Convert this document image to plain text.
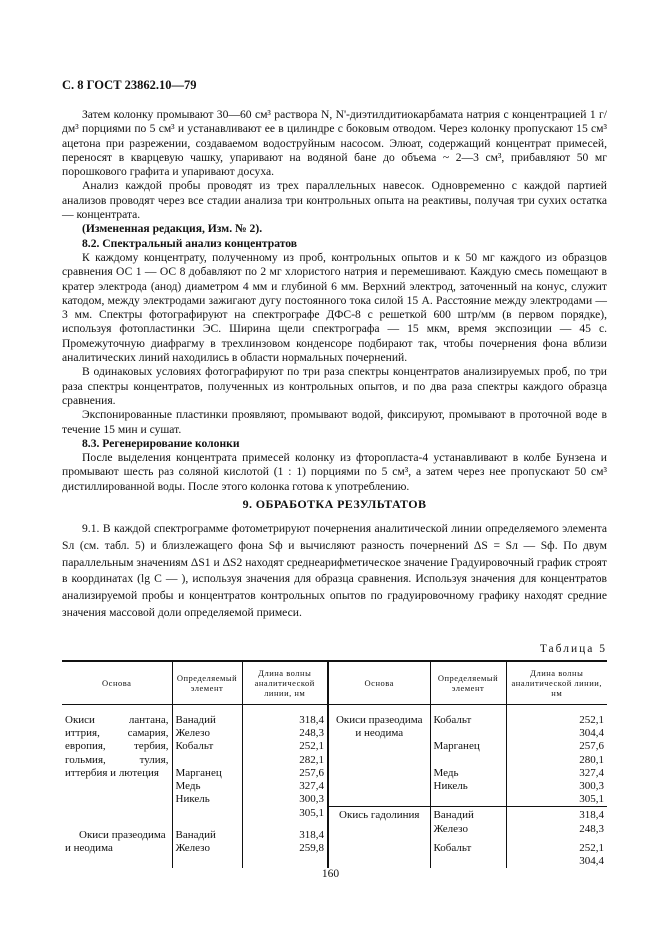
С. 8 ГОСТ 23862.10—79

Затем колонку промывают 30—60 см³ раствора N, N'-диэтилдитиокарбамата натрия с концентрацией 1 г/дм³ порциями по 5 см³ и устанавливают ее в цилиндре с боковым отводом. Через колонку пропускают 15 см³ ацетона при разрежении, создаваемом водоструйным насосом. Элюат, содержащий концентрат примесей, переносят в кварцевую чашку, упаривают на водяной бане до объема ~ 2—3 см³, прибавляют 50 мг порошкового графита и упаривают досуха.

Анализ каждой пробы проводят из трех параллельных навесок. Одновременно с каждой партией анализов проводят через все стадии анализа три контрольных опыта на реактивы, получая три сухих остатка — концентрата.

(Измененная редакция, Изм. № 2).

8.2. Спектральный анализ концентратов

К каждому концентрату, полученному из проб, контрольных опытов и к 50 мг каждого из образцов сравнения ОС 1 — ОС 8 добавляют по 2 мг хлористого натрия и перемешивают. Каждую смесь помещают в кратер электрода (анод) диаметром 4 мм и глубиной 6 мм. Верхний электрод, заточенный на конус, служит катодом, между электродами зажигают дугу постоянного тока силой 15 А. Расстояние между электродами — 3 мм. Спектры фотографируют на спектрографе ДФС-8 с решеткой 600 штр/мм (в первом порядке), используя фотопластинки ЭС. Ширина щели спектрографа — 15 мкм, время экспозиции — 45 с. Промежуточную диафрагму в трехлинзовом конденсоре подбирают так, чтобы почернения фона вблизи аналитических линий находились в области нормальных почернений.

В одинаковых условиях фотографируют по три раза спектры концентратов анализируемых проб, по три раза спектры концентратов, полученных из контрольных опытов, и по два раза спектры каждого образца сравнения.

Экспонированные пластинки проявляют, промывают водой, фиксируют, промывают в проточной воде в течение 15 мин и сушат.

8.3. Регенерирование колонки

После выделения концентрата примесей колонку из фторопласта-4 устанавливают в колбе Бунзена и промывают шесть раз соляной кислотой (1 : 1) порциями по 5 см³, а затем через нее пропускают 50 см³ дистиллированной воды. После этого колонка готова к употреблению.

9. ОБРАБОТКА РЕЗУЛЬТАТОВ

9.1. В каждой спектрограмме фотометрируют почернения аналитической линии определяемого элемента Sл (см. табл. 5) и близлежащего фона Sф и вычисляют разность почернений ΔS = Sл — Sф. По двум параллельным значениям ΔS1 и ΔS2 находят среднеарифметическое значение Градуировочный график строят в координатах (lg C — ), используя значения для образца сравнения. Используя значения для концентратов анализируемой пробы и концентратов контрольных опытов по градуировочному графику находят средние значения массовой доли определяемой примеси.

Таблица 5
Основа	Определяемый элемент	Длина волны аналитической линии, нм	Основа	Определяемый элемент	Длина волны аналитической линии, нм

Окиси лантана, иттрия, самария, европия, тербия, гольмия, тулия, иттербия и лютеция	Ванадий	318,4	Окиси празеодима и неодима	Кобальт	252,1
	Железо	248,3			304,4
	Кобальт	252,1		Марганец	257,6
		282,1			280,1
	Марганец	257,6		Медь	327,4
	Медь	327,4		Никель	300,3
	Никель	300,3			305,1
		305,1	Окись гадолиния	Ванадий	318,4
Окиси празеодима и неодима	Ванадий	318,4		Железо	248,3
	Железо	259,8		Кобальт	252,1
					304,4
160
